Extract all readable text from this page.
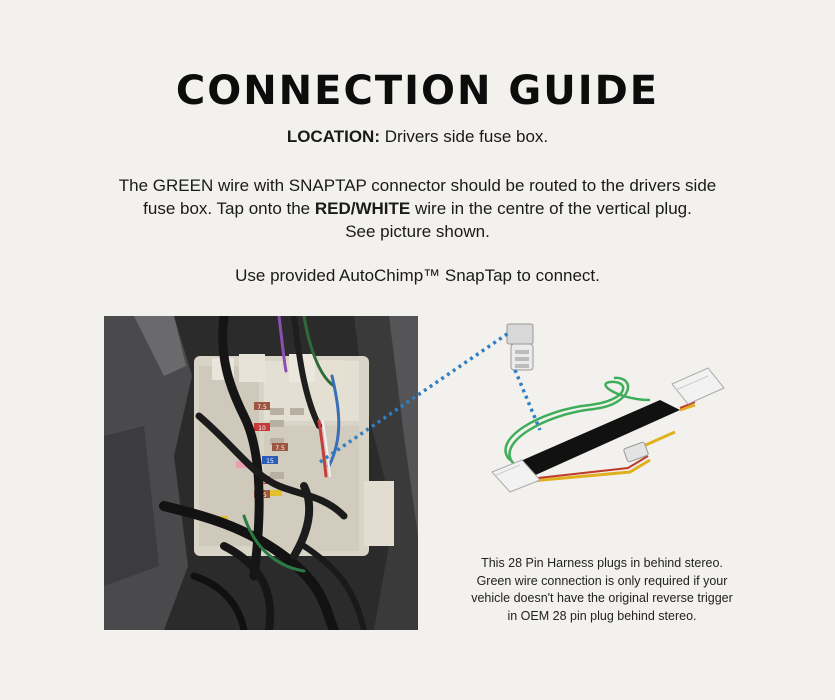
CONNECTION GUIDE
LOCATION: Drivers side fuse box.
The GREEN wire with SNAPTAP connector should be routed to the drivers side
fuse box. Tap onto the RED/WHITE wire in the centre of the vertical plug.
See picture shown.
Use provided AutoChimp™ SnapTap to connect.
7.5
10
7.5
15
10
7.5
This 28 Pin Harness plugs in behind stereo.
Green wire connection is only required if your
vehicle doesn't have the original reverse trigger
in OEM 28 pin plug behind stereo.
